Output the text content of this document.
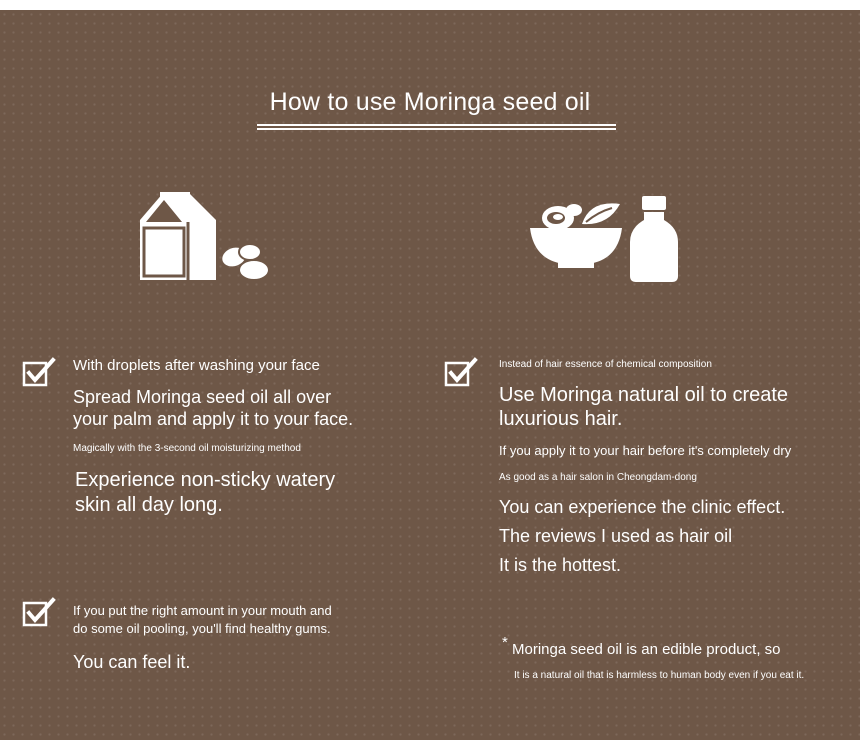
How to use Moringa seed oil
With droplets after washing your face
Spread Moringa seed oil all over
your palm and apply it to your face.
Magically with the 3-second oil moisturizing method
Experience non-sticky watery
skin all day long.
If you put the right amount in your mouth and
do some oil pooling, you'll find healthy gums.
You can feel it.
Instead of hair essence of chemical composition
Use Moringa natural oil to create
luxurious hair.
If you apply it to your hair before it's completely dry
As good as a hair salon in Cheongdam-dong
You can experience the clinic effect.
The reviews I used as hair oil
It is the hottest.
* Moringa seed oil is an edible product, so
It is a natural oil that is harmless to human body even if you eat it.
